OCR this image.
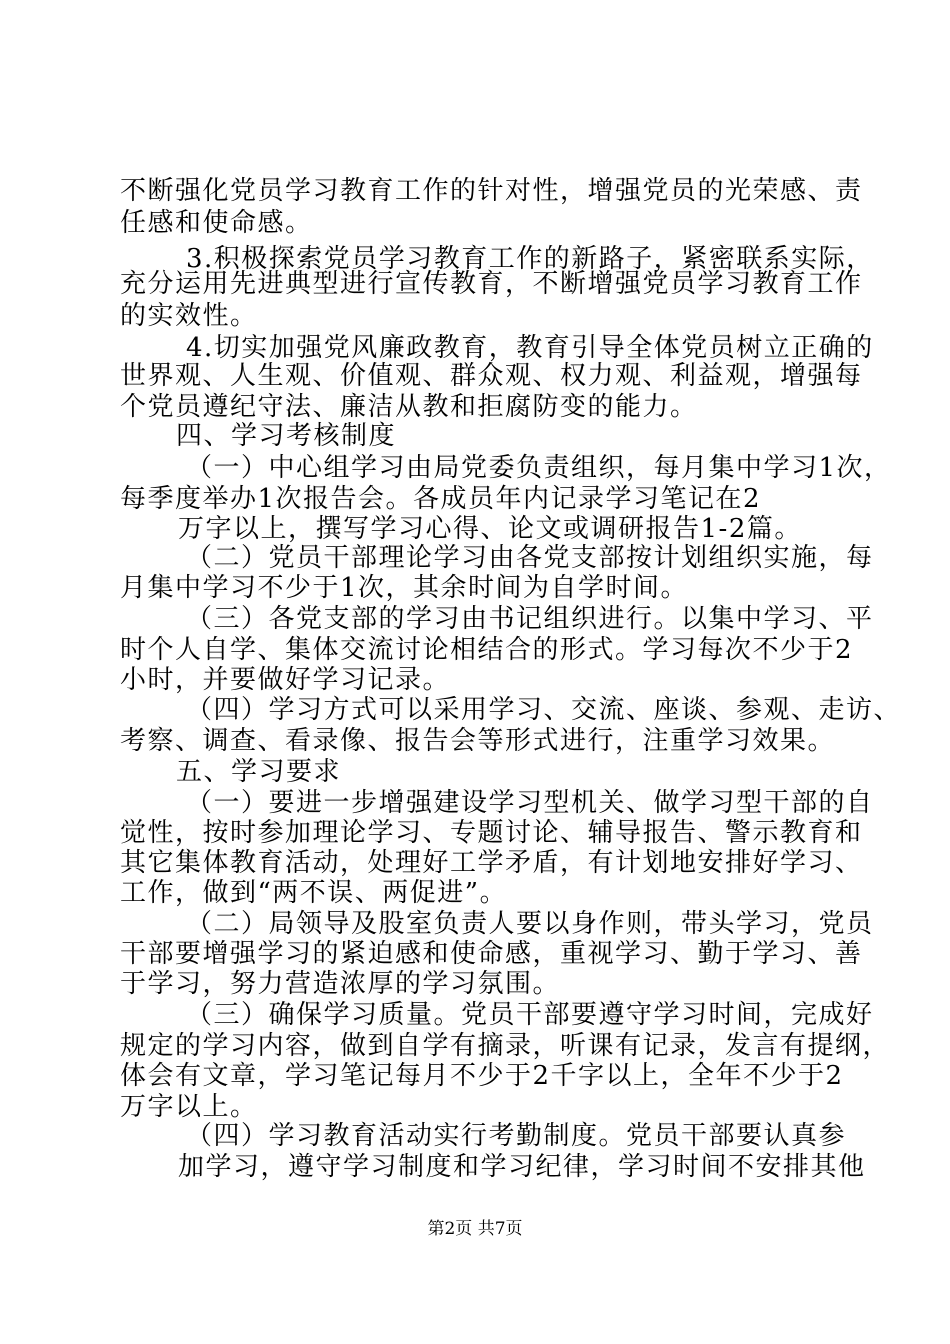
不断强化党员学习教育工作的针对性，增强党员的光荣感、责
任感和使命感。
3.积极探索党员学习教育工作的新路子，紧密联系实际，
充分运用先进典型进行宣传教育，不断增强党员学习教育工作
的实效性。
4.切实加强党风廉政教育，教育引导全体党员树立正确的
世界观、人生观、价值观、群众观、权力观、利益观，增强每
个党员遵纪守法、廉洁从教和拒腐防变的能力。
四、学习考核制度
（一）中心组学习由局党委负责组织，每月集中学习1次，
每季度举办1次报告会。各成员年内记录学习笔记在2
万字以上，撰写学习心得、论文或调研报告1-2篇。
（二）党员干部理论学习由各党支部按计划组织实施，每
月集中学习不少于1次，其余时间为自学时间。
（三）各党支部的学习由书记组织进行。以集中学习、平
时个人自学、集体交流讨论相结合的形式。学习每次不少于2
小时，并要做好学习记录。
（四）学习方式可以采用学习、交流、座谈、参观、走访、
考察、调查、看录像、报告会等形式进行，注重学习效果。
五、学习要求
（一）要进一步增强建设学习型机关、做学习型干部的自
觉性，按时参加理论学习、专题讨论、辅导报告、警示教育和
其它集体教育活动，处理好工学矛盾，有计划地安排好学习、
工作，做到“两不误、两促进”。
（二）局领导及股室负责人要以身作则，带头学习，党员
干部要增强学习的紧迫感和使命感，重视学习、勤于学习、善
于学习，努力营造浓厚的学习氛围。
（三）确保学习质量。党员干部要遵守学习时间，完成好
规定的学习内容，做到自学有摘录，听课有记录，发言有提纲，
体会有文章，学习笔记每月不少于2千字以上，全年不少于2
万字以上。
（四）学习教育活动实行考勤制度。党员干部要认真参
加学习，遵守学习制度和学习纪律，学习时间不安排其他
第2页 共7页
